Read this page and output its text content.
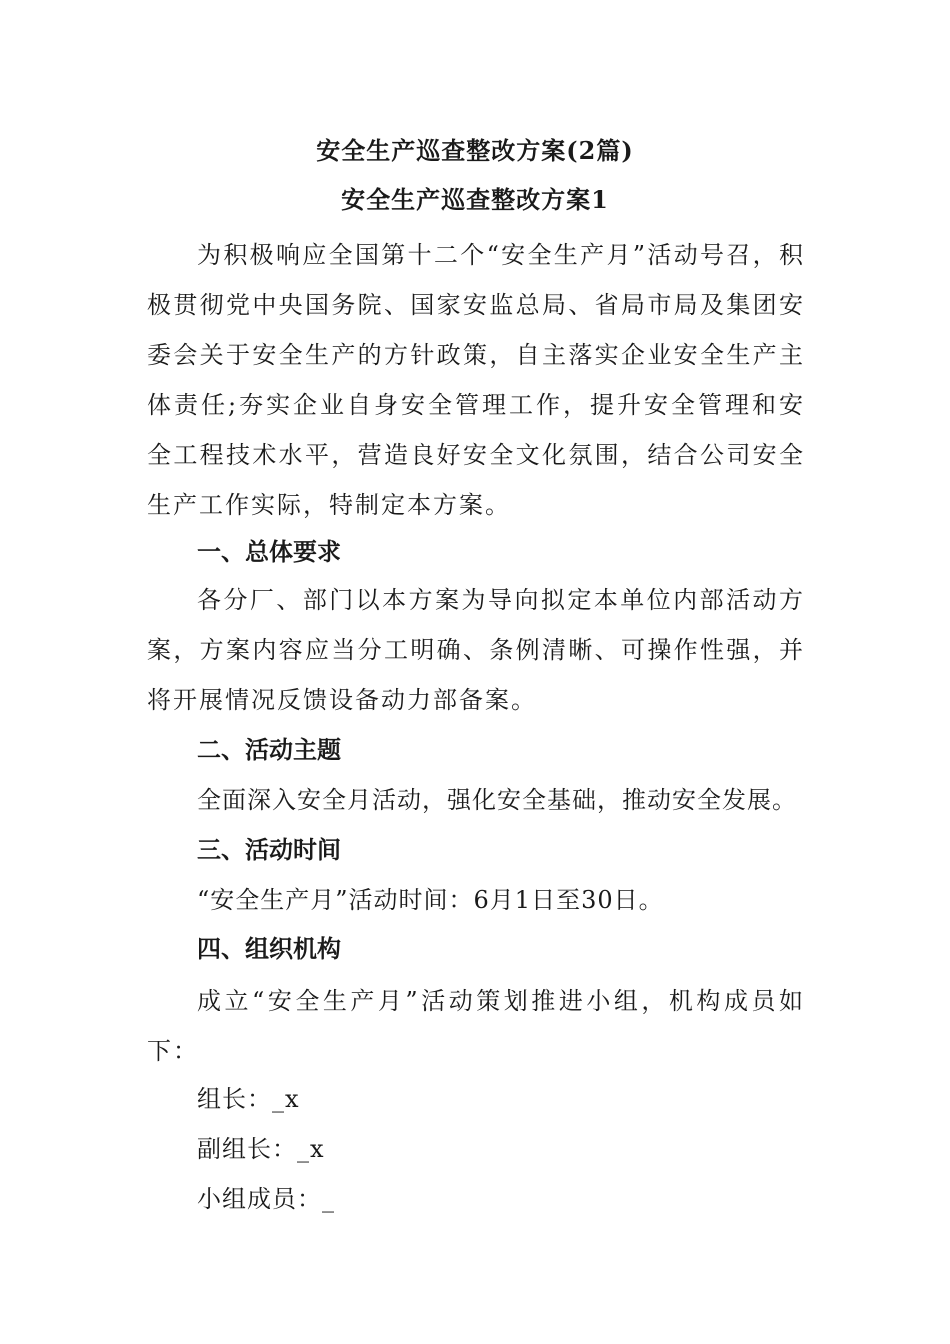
安全生产巡查整改方案(2篇)
安全生产巡查整改方案1
为积极响应全国第十二个“安全生产月”活动号召，积极贯彻党中央国务院、国家安监总局、省局市局及集团安委会关于安全生产的方针政策，自主落实企业安全生产主体责任;夯实企业自身安全管理工作，提升安全管理和安全工程技术水平，营造良好安全文化氛围，结合公司安全生产工作实际，特制定本方案。
一、总体要求
各分厂、部门以本方案为导向拟定本单位内部活动方案，方案内容应当分工明确、条例清晰、可操作性强，并将开展情况反馈设备动力部备案。
二、活动主题
全面深入安全月活动，强化安全基础，推动安全发展。
三、活动时间
“安全生产月”活动时间：6月1日至30日。
四、组织机构
成立“安全生产月”活动策划推进小组，机构成员如下：
组长：_x
副组长：_x
小组成员：_
